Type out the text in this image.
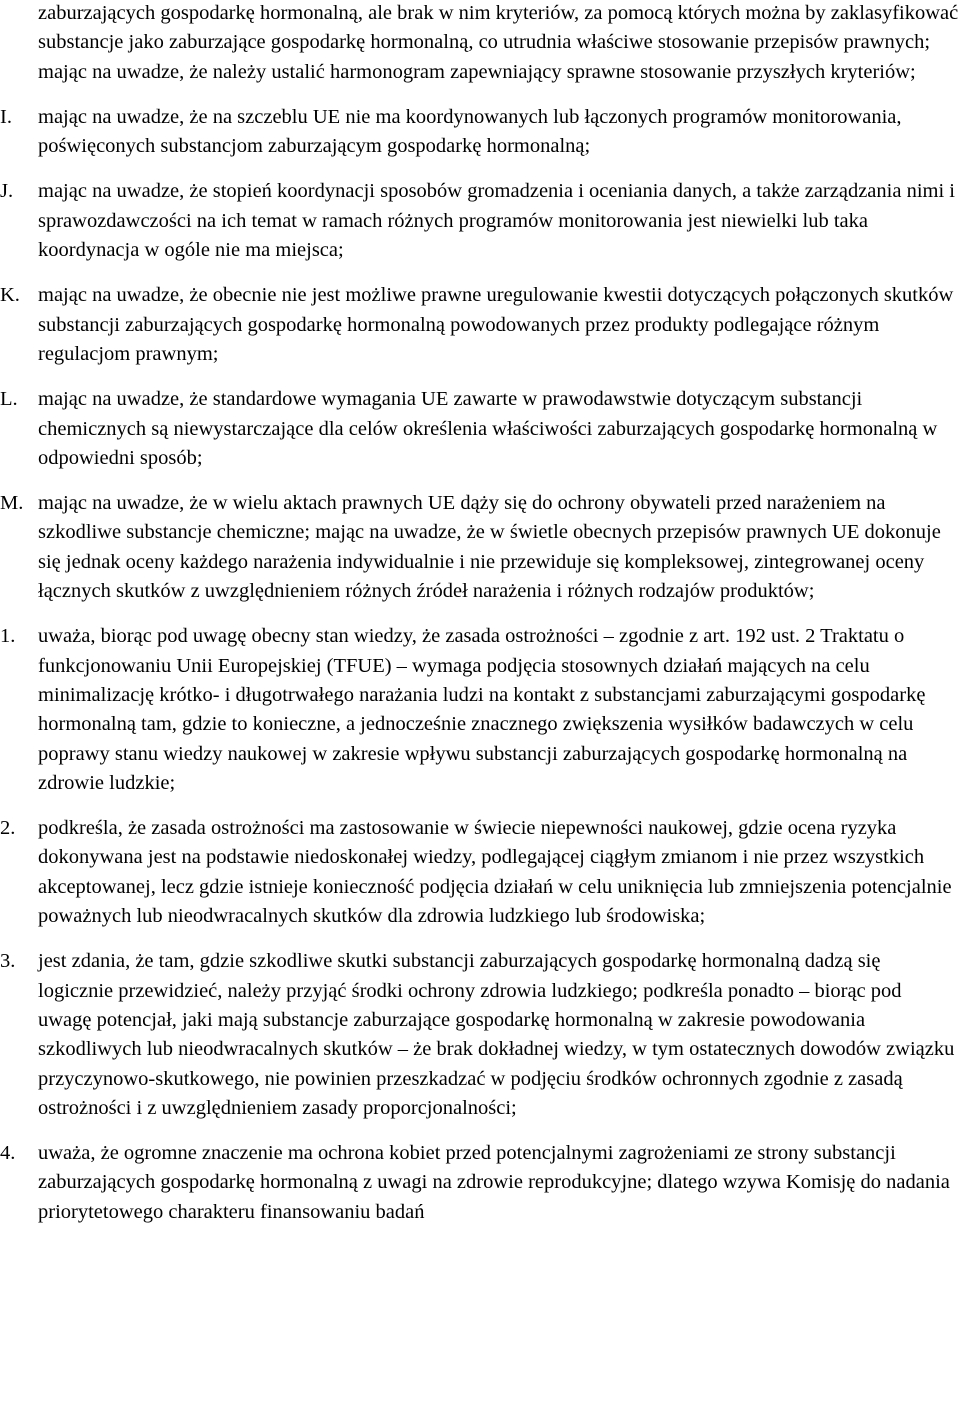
zaburzających gospodarkę hormonalną, ale brak w nim kryteriów, za pomocą których można by zaklasyfikować substancje jako zaburzające gospodarkę hormonalną, co utrudnia właściwe stosowanie przepisów prawnych; mając na uwadze, że należy ustalić harmonogram zapewniający sprawne stosowanie przyszłych kryteriów;

I.	mając na uwadze, że na szczeblu UE nie ma koordynowanych lub łączonych programów monitorowania, poświęconych substancjom zaburzającym gospodarkę hormonalną;

J.	mając na uwadze, że stopień koordynacji sposobów gromadzenia i oceniania danych, a także zarządzania nimi i sprawozdawczości na ich temat w ramach różnych programów monitorowania jest niewielki lub taka koordynacja w ogóle nie ma miejsca;

K. mając na uwadze, że obecnie nie jest możliwe prawne uregulowanie kwestii dotyczących połączonych skutków substancji zaburzających gospodarkę hormonalną powodowanych przez produkty podlegające różnym regulacjom prawnym;

L. mając na uwadze, że standardowe wymagania UE zawarte w prawodawstwie dotyczącym substancji chemicznych są niewystarczające dla celów określenia właściwości zaburzających gospodarkę hormonalną w odpowiedni sposób;

M. mając na uwadze, że w wielu aktach prawnych UE dąży się do ochrony obywateli przed narażeniem na szkodliwe substancje chemiczne; mając na uwadze, że w świetle obecnych przepisów prawnych UE dokonuje się jednak oceny każdego narażenia indywidualnie i nie przewiduje się kompleksowej, zintegrowanej oceny łącznych skutków z uwzględnieniem różnych źródeł narażenia i różnych rodzajów produktów;

1.	uważa, biorąc pod uwagę obecny stan wiedzy, że zasada ostrożności – zgodnie z art. 192 ust. 2 Traktatu o funkcjonowaniu Unii Europejskiej (TFUE) – wymaga podjęcia stosownych działań mających na celu minimalizację krótko- i długotrwałego narażania ludzi na kontakt z substancjami zaburzającymi gospodarkę hormonalną tam, gdzie to konieczne, a jednocześnie znacznego zwiększenia wysiłków badawczych w celu poprawy stanu wiedzy naukowej w zakresie wpływu substancji zaburzających gospodarkę hormonalną na zdrowie ludzkie;

2.	podkreśla, że zasada ostrożności ma zastosowanie w świecie niepewności naukowej, gdzie ocena ryzyka dokonywana jest na podstawie niedoskonałej wiedzy, podlegającej ciągłym zmianom i nie przez wszystkich akceptowanej, lecz gdzie istnieje konieczność podjęcia działań w celu uniknięcia lub zmniejszenia potencjalnie poważnych lub nieodwracalnych skutków dla zdrowia ludzkiego lub środowiska;

3.	jest zdania, że tam, gdzie szkodliwe skutki substancji zaburzających gospodarkę hormonalną dadzą się logicznie przewidzieć, należy przyjąć środki ochrony zdrowia ludzkiego; podkreśla ponadto – biorąc pod uwagę potencjał, jaki mają substancje zaburzające gospodarkę hormonalną w zakresie powodowania szkodliwych lub nieodwracalnych skutków – że brak dokładnej wiedzy, w tym ostatecznych dowodów związku przyczynowo-skutkowego, nie powinien przeszkadzać w podjęciu środków ochronnych zgodnie z zasadą ostrożności i z uwzględnieniem zasady proporcjonalności;

4.	uważa, że ogromne znaczenie ma ochrona kobiet przed potencjalnymi zagrożeniami ze strony substancji zaburzających gospodarkę hormonalną z uwagi na zdrowie reprodukcyjne; dlatego wzywa Komisję do nadania priorytetowego charakteru finansowaniu badań
